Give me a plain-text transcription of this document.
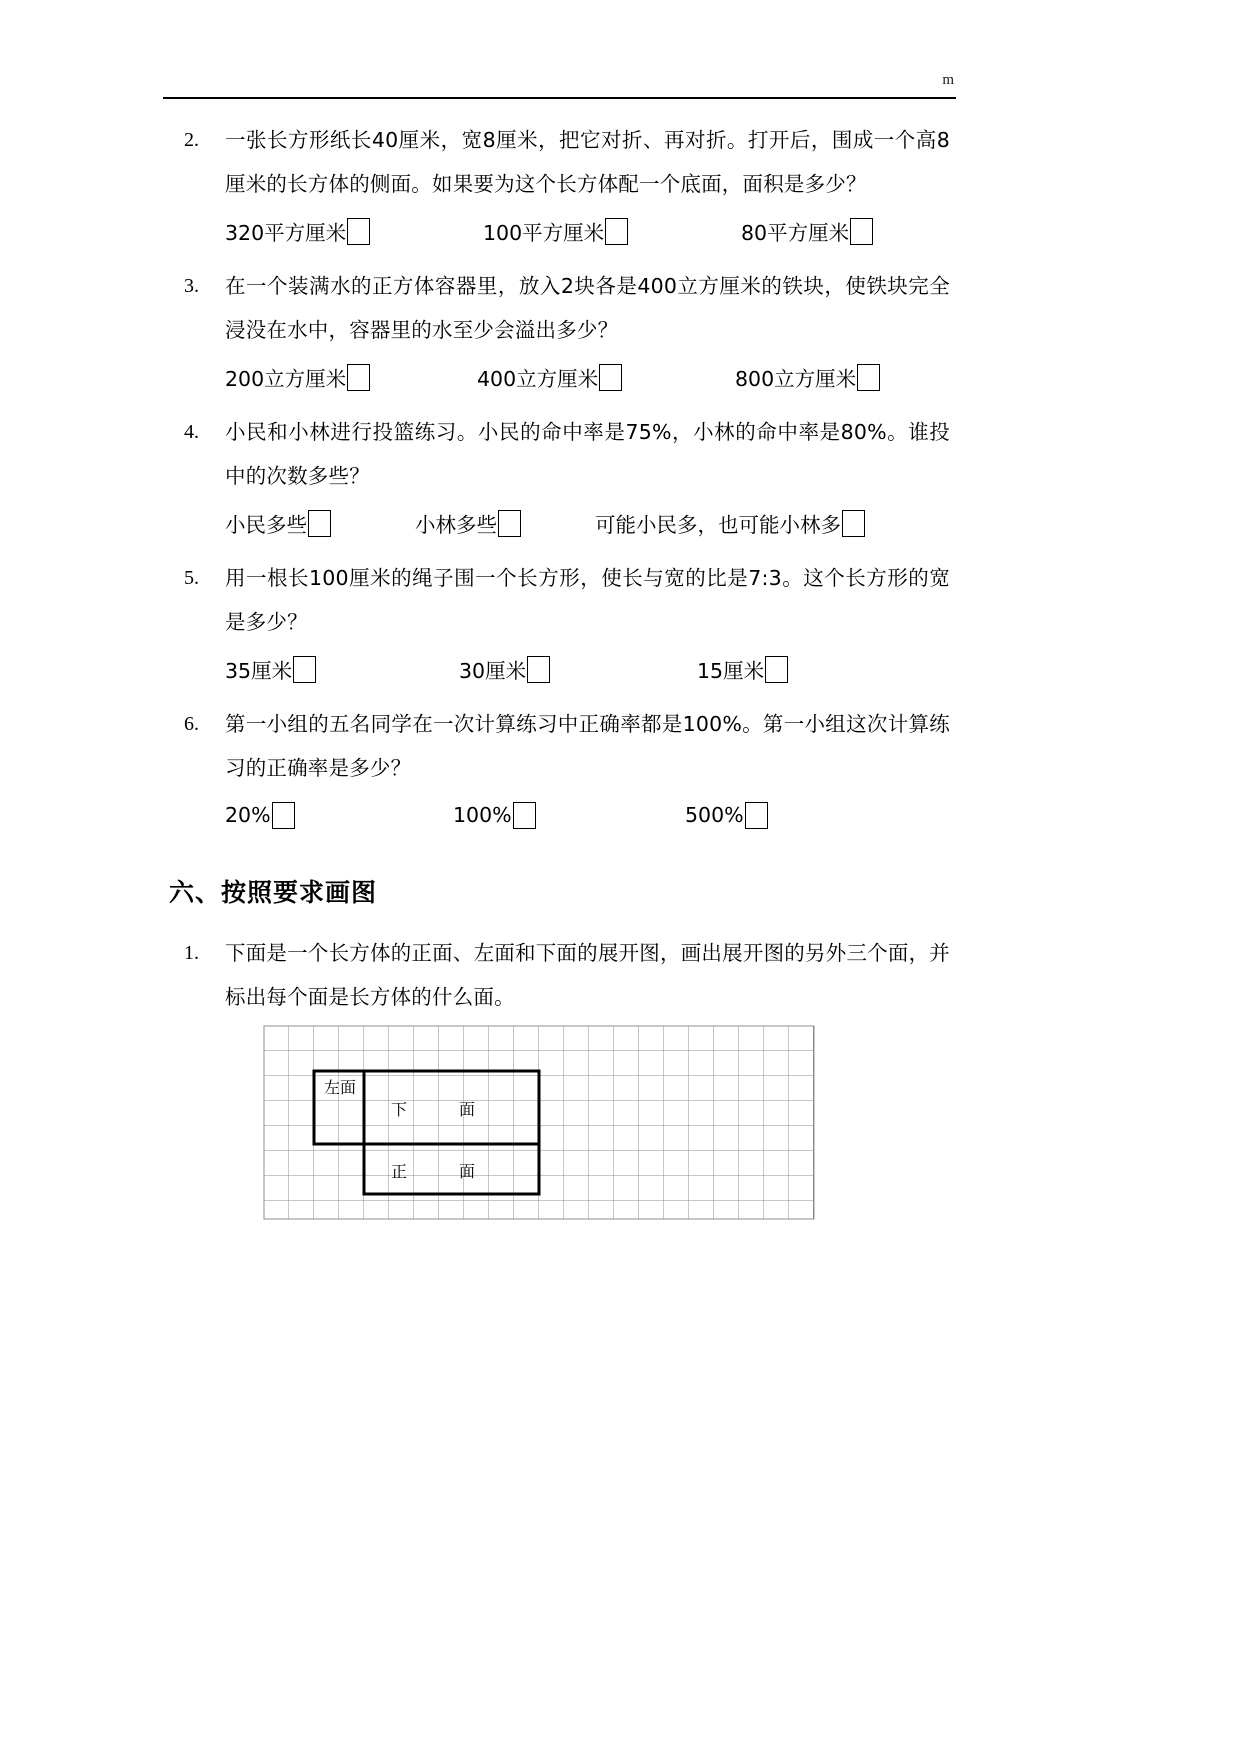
m
2.	一张长方形纸长40厘米，宽8厘米，把它对折、再对折。打开后，围成一个高8厘米的长方体的侧面。如果要为这个长方体配一个底面，面积是多少？
320平方厘米	100平方厘米	80平方厘米
3.	在一个装满水的正方体容器里，放入2块各是400立方厘米的铁块，使铁块完全浸没在水中，容器里的水至少会溢出多少？
200立方厘米	400立方厘米	800立方厘米
4.	小民和小林进行投篮练习。小民的命中率是75%，小林的命中率是80%。谁投中的次数多些？
小民多些	小林多些	可能小民多，也可能小林多
5.	用一根长100厘米的绳子围一个长方形，使长与宽的比是7:3。这个长方形的宽是多少？
35厘米	30厘米	15厘米
6.	第一小组的五名同学在一次计算练习中正确率都是100%。第一小组这次计算练习的正确率是多少？
20%	100%	500%
六、按照要求画图
1.	下面是一个长方体的正面、左面和下面的展开图，画出展开图的另外三个面，并标出每个面是长方体的什么面。
左面
下　面
正　面
